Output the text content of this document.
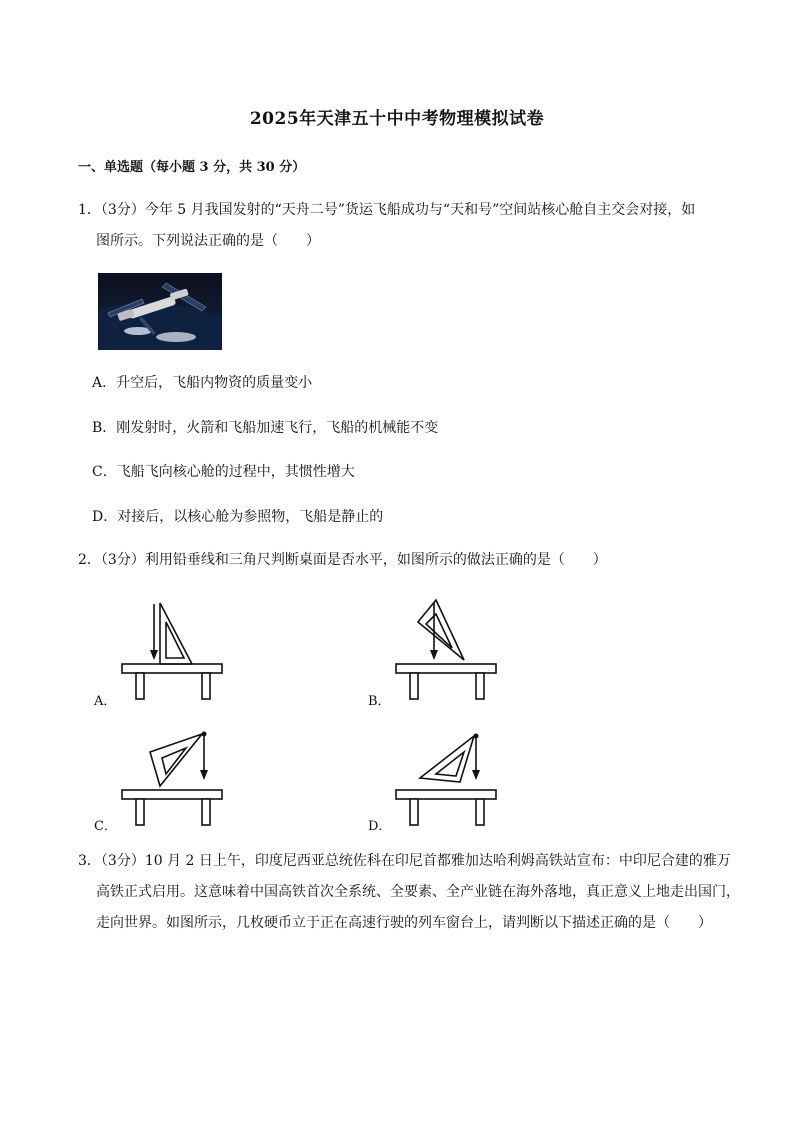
2025年天津五十中中考物理模拟试卷
一、单选题（每小题 3 分，共 30 分）
1．（3分）今年 5 月我国发射的“天舟二号”货运飞船成功与“天和号”空间站核心舱自主交会对接，如
图所示。下列说法正确的是（　　）
A．升空后，飞船内物资的质量变小
B．刚发射时，火箭和飞船加速飞行，飞船的机械能不变
C．飞船飞向核心舱的过程中，其惯性增大
D．对接后，以核心舱为参照物，飞船是静止的
2．（3分）利用铅垂线和三角尺判断桌面是否水平，如图所示的做法正确的是（　　）
A．	B．
C．	D．
3．（3分）10 月 2 日上午，印度尼西亚总统佐科在印尼首都雅加达哈利姆高铁站宣布：中印尼合建的雅万
高铁正式启用。这意味着中国高铁首次全系统、全要素、全产业链在海外落地，真正意义上地走出国门，
走向世界。如图所示，几枚硬币立于正在高速行驶的列车窗台上，请判断以下描述正确的是（　　）
